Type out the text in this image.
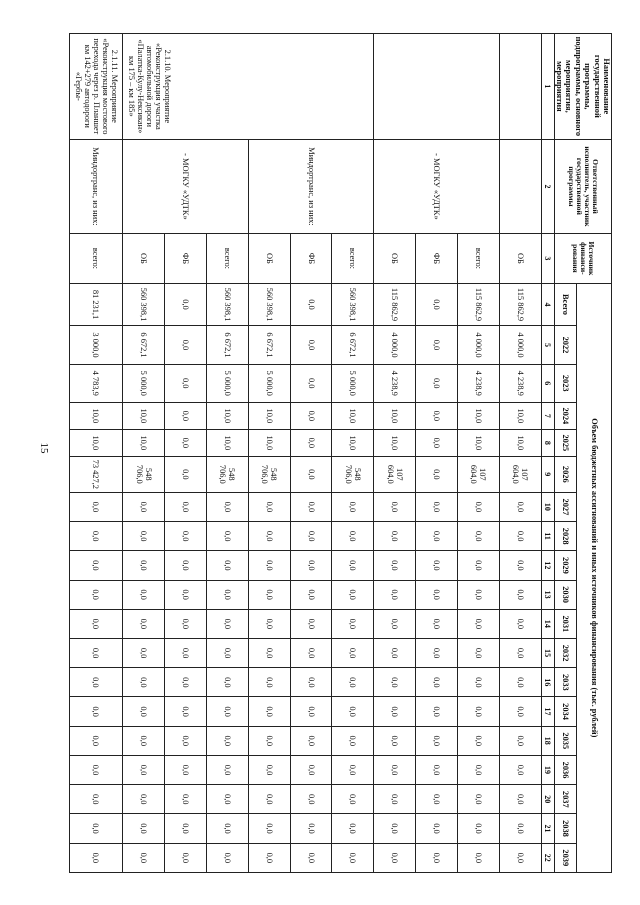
15
Наименование государственной программы, подпрограммы, основного мероприятия, мероприятия	Ответственный исполнитель, участник государственной программы	Источник финанси-рования	Объем бюджетных ассигнований и иных источников финансирования (тыс. рублей)																		
			Всего	2022	2023	2024	2025	2026	2027	2028	2029	2030	2031	2032	2033	2034	2035	2036	2037	2038	2039
1	2	3	4	5	6	7	8	9	10	11	12	13	14	15	16	17	18	19	20	21	22
		ОБ	115 862,9	4 000,0	4 238,9	10,0	10,0	107 604,0	0,0	0,0	0,0	0,0	0,0	0,0	0,0	0,0	0,0	0,0	0,0	0,0	0,0
	- МОГКУ «УДТК»	всего:	115 862,9	4 000,0	4 238,9	10,0	10,0	107 604,0	0,0	0,0	0,0	0,0	0,0	0,0	0,0	0,0	0,0	0,0	0,0	0,0	0,0
		ФБ	0,0	0,0	0,0	0,0	0,0	0,0	0,0	0,0	0,0	0,0	0,0	0,0	0,0	0,0	0,0	0,0	0,0	0,0	0,0
		ОБ	115 862,9	4 000,0	4 238,9	10,0	10,0	107 604,0	0,0	0,0	0,0	0,0	0,0	0,0	0,0	0,0	0,0	0,0	0,0	0,0	0,0
2.1.10. Мероприятие «Реконструкция участка автомобильной дороги «Палатка-Кулу-Нексикан» км 175 – км 185»	Миндортранс, из них:	всего:	560 398,1	6 672,1	5 000,0	10,0	10,0	548 706,0	0,0	0,0	0,0	0,0	0,0	0,0	0,0	0,0	0,0	0,0	0,0	0,0	0,0
		ФБ	0,0	0,0	0,0	0,0	0,0	0,0	0,0	0,0	0,0	0,0	0,0	0,0	0,0	0,0	0,0	0,0	0,0	0,0	0,0
		ОБ	560 398,1	6 672,1	5 000,0	10,0	10,0	548 706,0	0,0	0,0	0,0	0,0	0,0	0,0	0,0	0,0	0,0	0,0	0,0	0,0	0,0
	- МОГКУ «УДТК»	всего:	560 398,1	6 672,1	5 000,0	10,0	10,0	548 706,0	0,0	0,0	0,0	0,0	0,0	0,0	0,0	0,0	0,0	0,0	0,0	0,0	0,0
		ФБ	0,0	0,0	0,0	0,0	0,0	0,0	0,0	0,0	0,0	0,0	0,0	0,0	0,0	0,0	0,0	0,0	0,0	0,0	0,0
		ОБ	560 398,1	6 672,1	5 000,0	10,0	10,0	548 706,0	0,0	0,0	0,0	0,0	0,0	0,0	0,0	0,0	0,0	0,0	0,0	0,0	0,0
2.1.11. Мероприятие «Реконструкция мостового перехода через р. Планшет км 142+279 автодороги «Гербы-	Миндортранс, из них:	всего:	81 231,1	3 000,0	4 783,9	10,0	10,0	73 427,2	0,0	0,0	0,0	0,0	0,0	0,0	0,0	0,0	0,0	0,0	0,0	0,0	0,0
